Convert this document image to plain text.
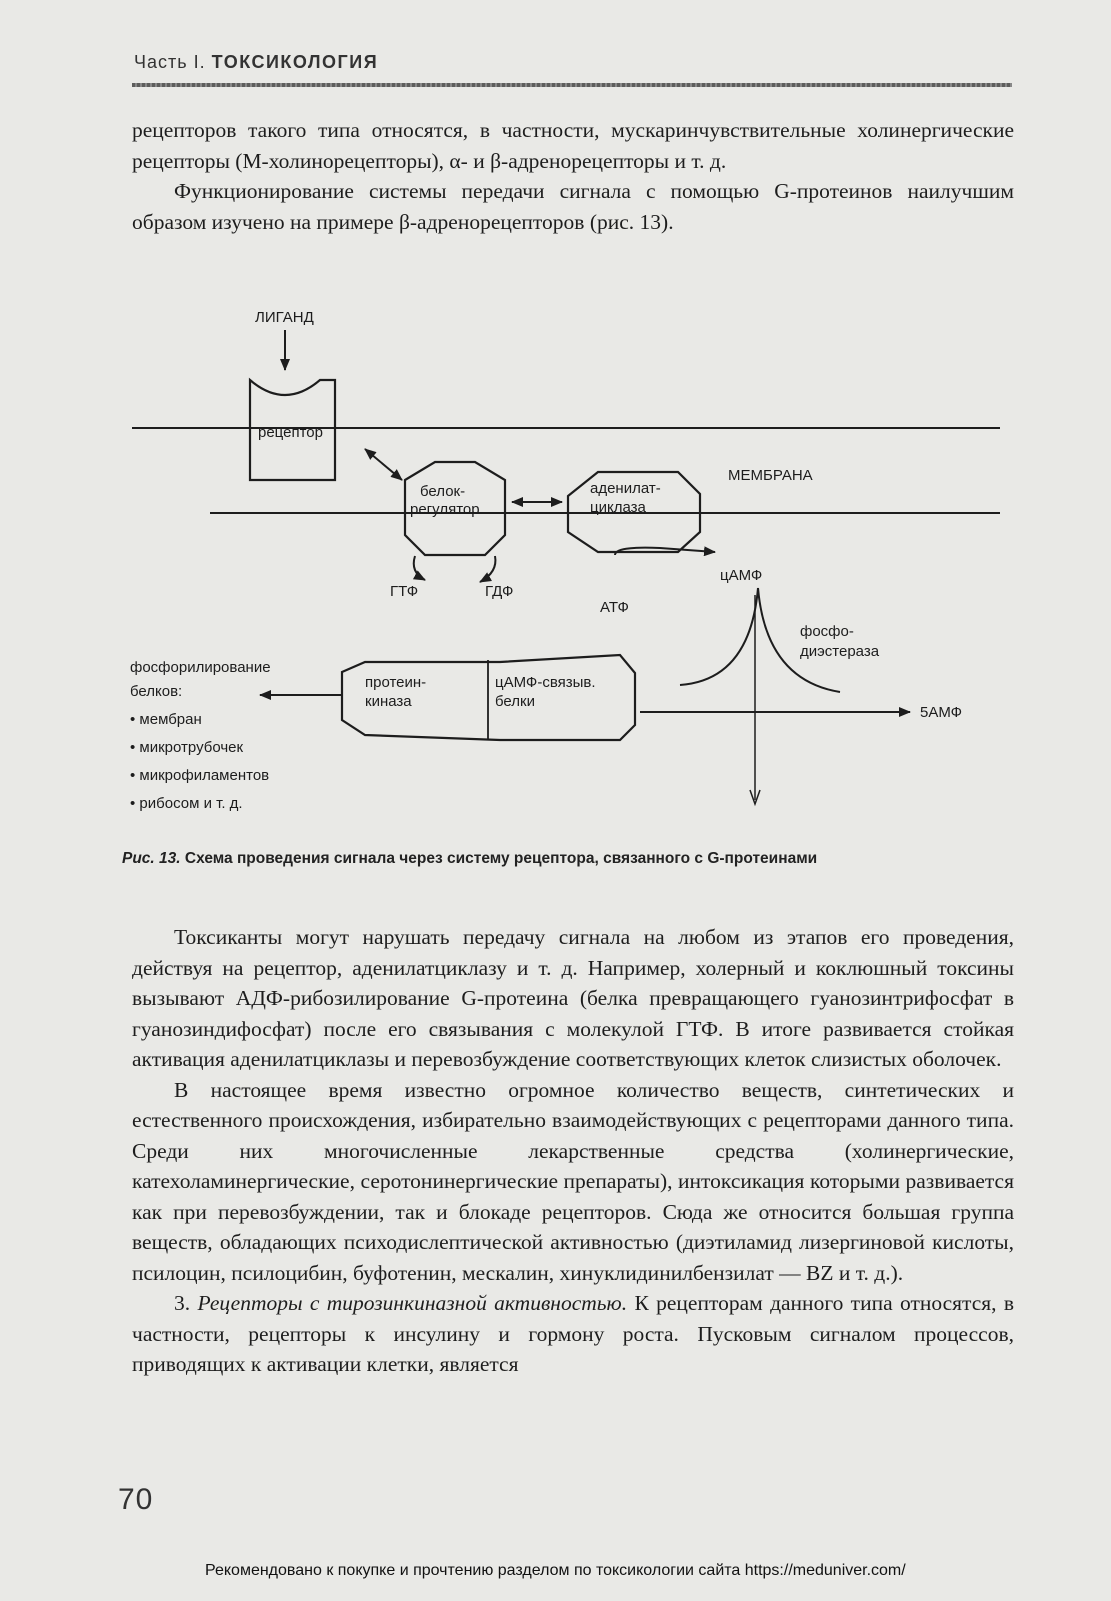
Часть I. ТОКСИКОЛОГИЯ

рецепторов такого типа относятся, в частности, мускаринчувствительные холинергические рецепторы (М-холинорецепторы), α- и β-адренорецепторы и т. д.

Функционирование системы передачи сигнала с помощью G-протеинов наилучшим образом изучено на примере β-адренорецепторов (рис. 13).

ЛИГАНД
рецептор
МЕМБРАНА
белок-
регулятор
аденилат-
циклаза
ГТФ	ГДФ
АТФ
цАМФ
фосфо-
диэстераза
протеин-
киназа
цАМФ-связыв.
белки
5АМФ
фосфорилирование
белков:
• мембран
• микротрубочек
• микрофиламентов
• рибосом и т. д.
Рис. 13. Схема проведения сигнала через систему рецептора, связанного с G-протеинами

Токсиканты могут нарушать передачу сигнала на любом из этапов его проведения, действуя на рецептор, аденилатциклазу и т. д. Например, холерный и коклюшный токсины вызывают АДФ-рибозилирование G-протеина (белка превращающего гуанозинтрифосфат в гуанозиндифосфат) после его связывания с молекулой ГТФ. В итоге развивается стойкая активация аденилатциклазы и перевозбуждение соответствующих клеток слизистых оболочек.

В настоящее время известно огромное количество веществ, синтетических и естественного происхождения, избирательно взаимодействующих с рецепторами данного типа. Среди них многочисленные лекарственные средства (холинергические, катехоламинергические, серотонинергические препараты), интоксикация которыми развивается как при перевозбуждении, так и блокаде рецепторов. Сюда же относится большая группа веществ, обладающих психодислептической активностью (диэтиламид лизергиновой кислоты, псилоцин, псилоцибин, буфотенин, мескалин, хинуклидинилбензилат — BZ и т. д.).

3. Рецепторы с тирозинкиназной активностью. К рецепторам данного типа относятся, в частности, рецепторы к инсулину и гормону роста. Пусковым сигналом процессов, приводящих к активации клетки, является

70
Рекомендовано к покупке и прочтению разделом по токсикологии сайта https://meduniver.com/
